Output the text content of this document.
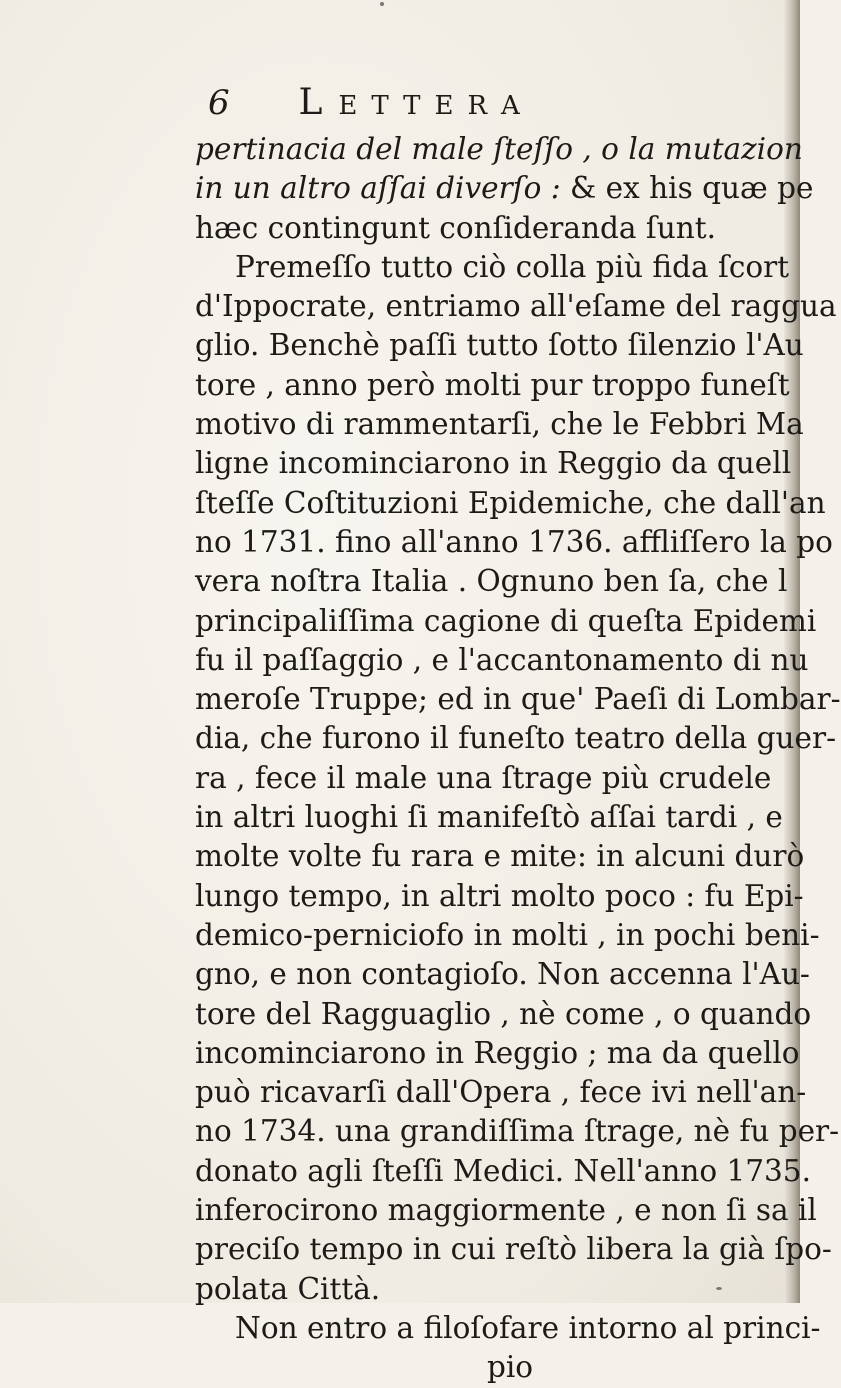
6 LETTERA
pertinacia del male ſteſſo , o la mutazion
in un altro aſſai diverſo : & ex his quæ pe
hæc contingunt conſideranda ſunt.
Premeſſo tutto ciò colla più fida ſcort
d'Ippocrate, entriamo all'eſame del raggua
glio. Benchè paſſi tutto ſotto ſilenzio l'Au
tore , anno però molti pur troppo funeſt
motivo di rammentarſi, che le Febbri Ma
ligne incominciarono in Reggio da quell
ſteſſe Coſtituzioni Epidemiche, che dall'an
no 1731. fino all'anno 1736. affliſſero la po
vera noſtra Italia . Ognuno ben ſa, che l
principaliſſima cagione di queſta Epidemi
fu il paſſaggio , e l'accantonamento di nu
meroſe Truppe; ed in que' Paeſi di Lombar-
dia, che furono il funeſto teatro della guer-
ra , fece il male una ſtrage più crudele
in altri luoghi ſi manifeſtò aſſai tardi , e
molte volte fu rara e mite: in alcuni durò
lungo tempo, in altri molto poco : fu Epi-
demico-perniciofo in molti , in pochi beni-
gno, e non contagioſo. Non accenna l'Au-
tore del Ragguaglio , nè come , o quando
incominciarono in Reggio ; ma da quello
può ricavarſi dall'Opera , fece ivi nell'an-
no 1734. una grandiſſima ſtrage, nè fu per-
donato agli ſteſſi Medici. Nell'anno 1735.
inferocirono maggiormente , e non ſi sa il
preciſo tempo in cui reſtò libera la già ſpo-
polata Città.
Non entro a filoſofare intorno al princi-
pio
